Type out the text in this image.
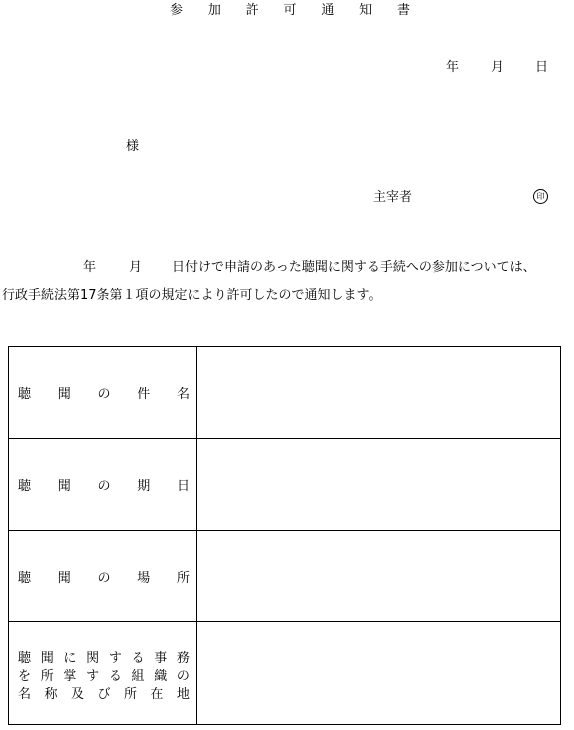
参 加 許 可 通 知 書
年 月 日
様
主宰者	印
年	月 日付けで申請のあった聴聞に関する手続への参加については、
行政手続法第17条第１項の規定により許可したので通知します。
聴 聞 の 件 名
聴 聞 の 期 日
聴 聞 の 場 所
聴 聞 に 関 す る 事 務
を 所 掌 す る 組 織 の
名 称 及 び 所 在 地
